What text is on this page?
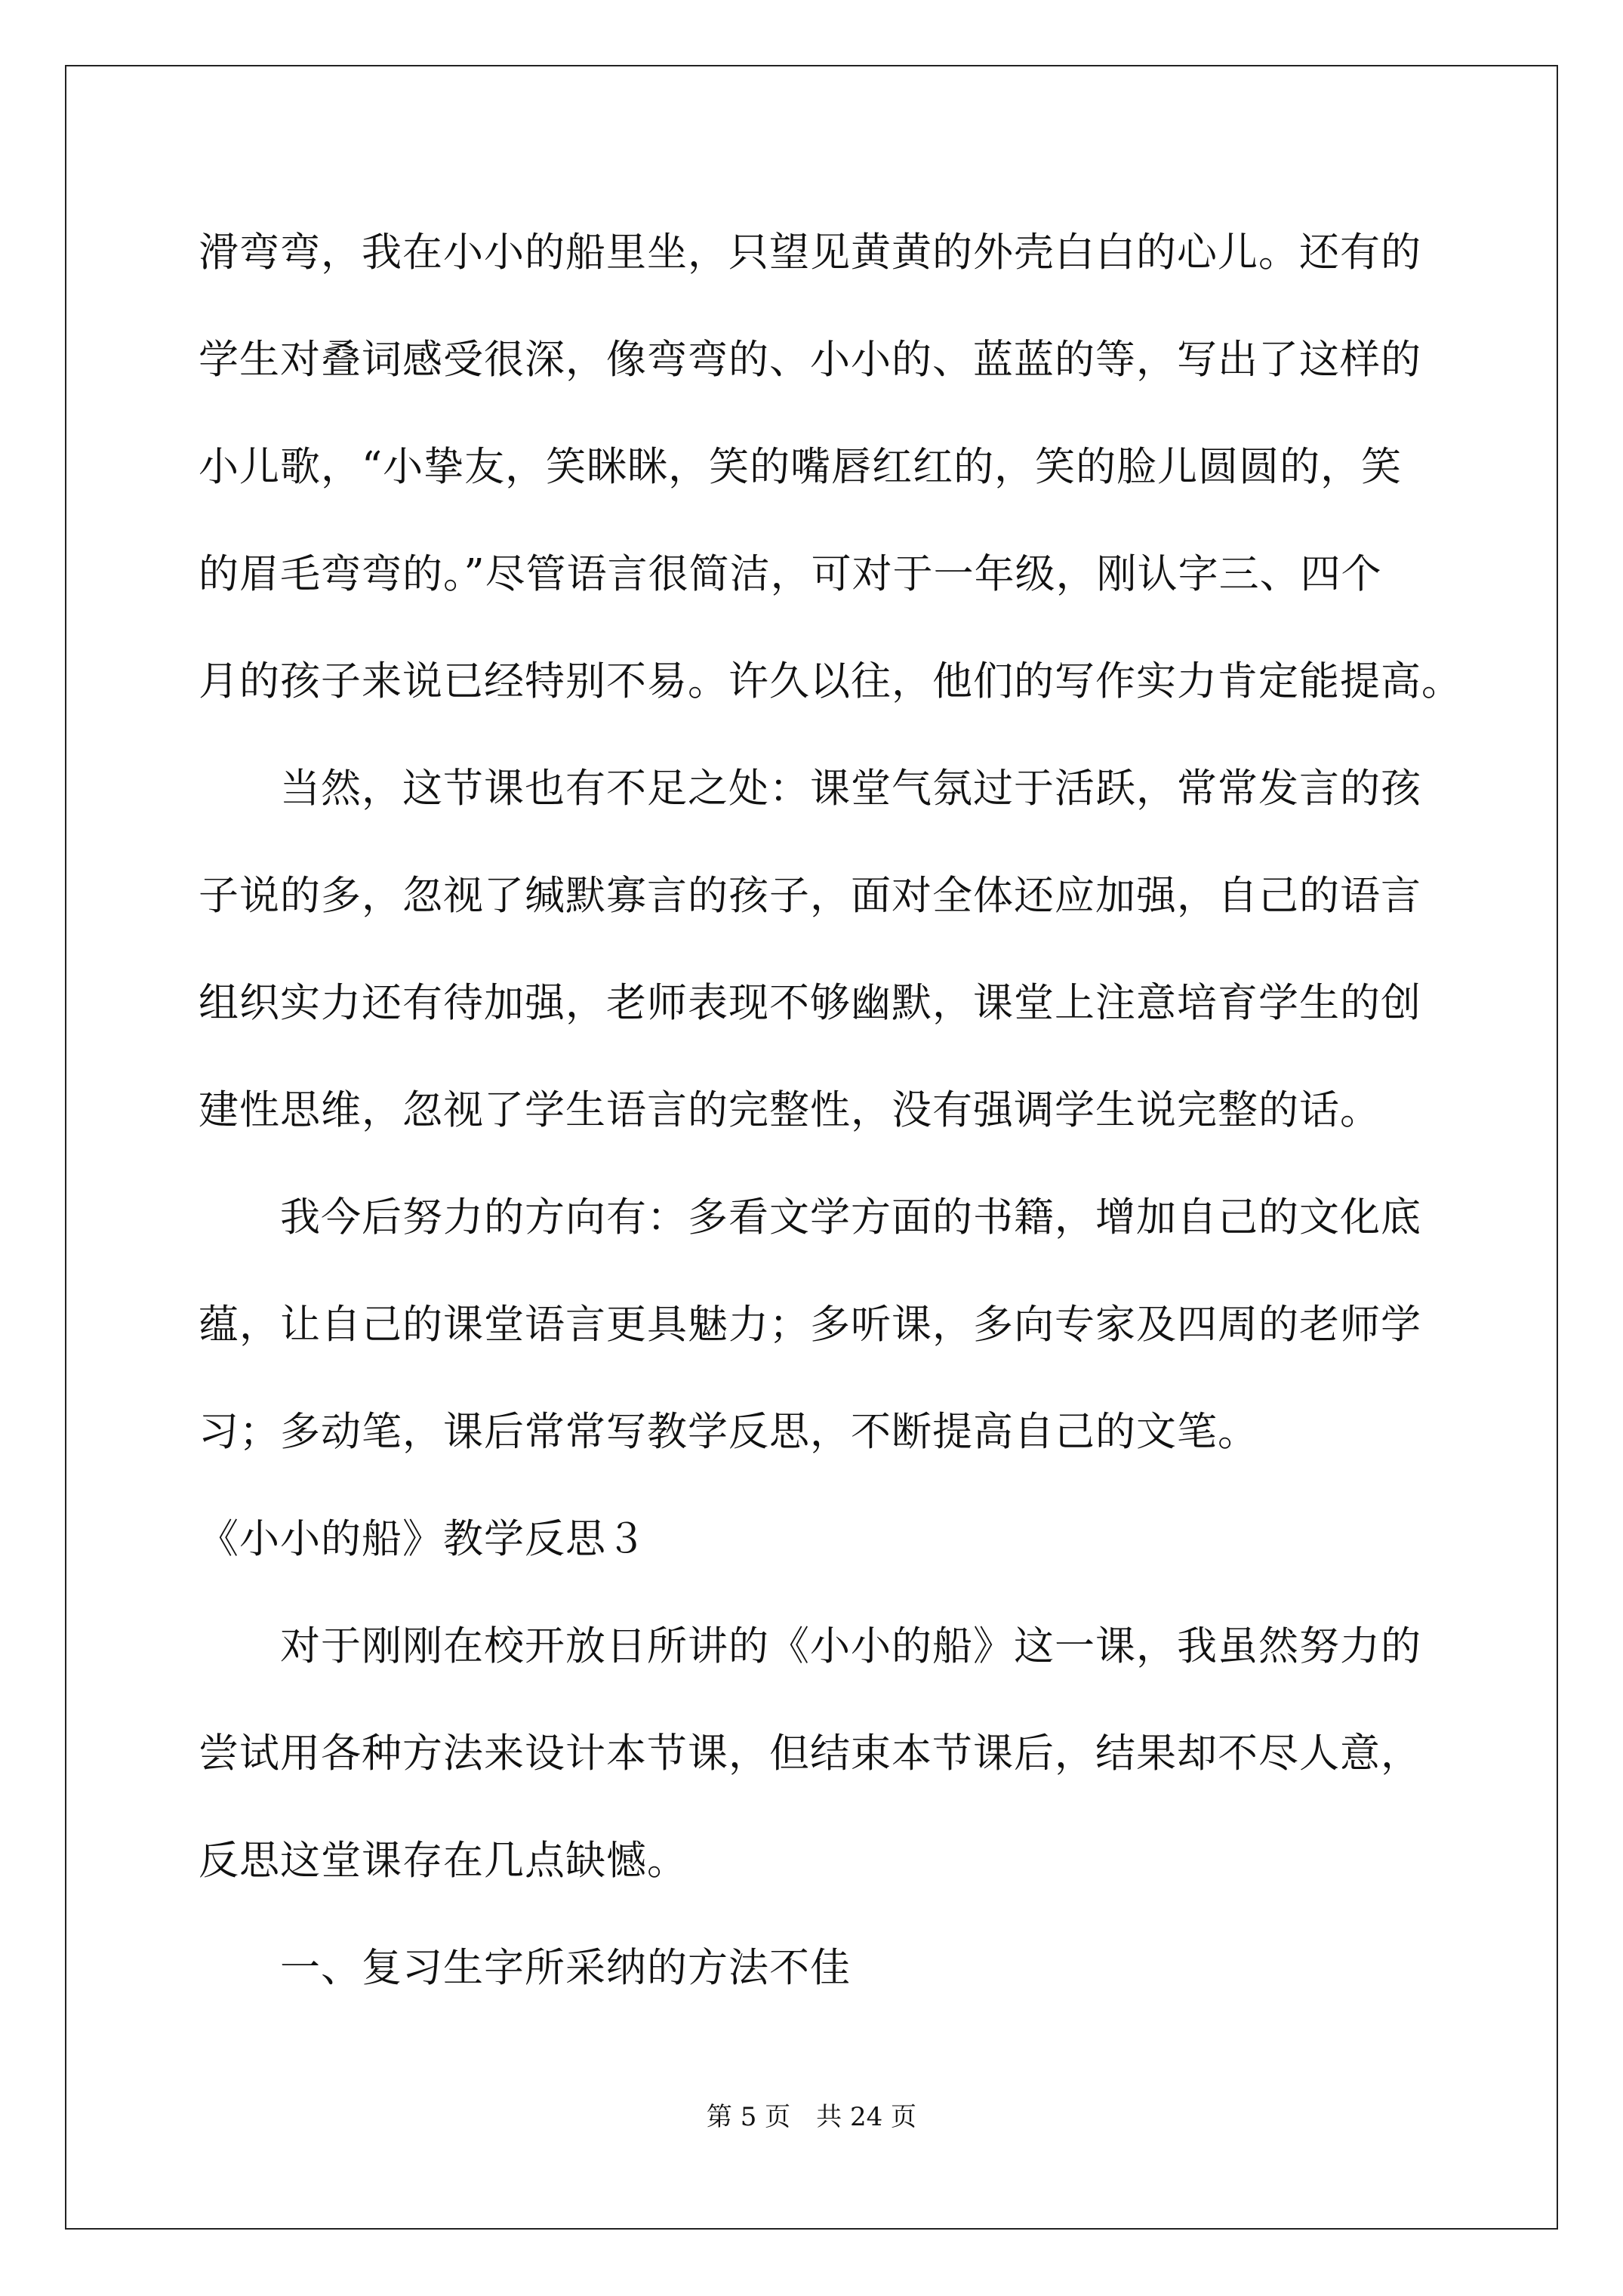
滑弯弯，我在小小的船里坐，只望见黄黄的外壳白白的心儿。还有的
学生对叠词感受很深，像弯弯的、小小的、蓝蓝的等，写出了这样的
小儿歌，“小挚友，笑眯眯，笑的嘴唇红红的，笑的脸儿圆圆的，笑
的眉毛弯弯的。”尽管语言很简洁，可对于一年级，刚认字三、四个
月的孩子来说已经特别不易。许久以往，他们的写作实力肯定能提高。
　　当然，这节课也有不足之处：课堂气氛过于活跃，常常发言的孩
子说的多，忽视了缄默寡言的孩子，面对全体还应加强，自己的语言
组织实力还有待加强，老师表现不够幽默，课堂上注意培育学生的创
建性思维，忽视了学生语言的完整性，没有强调学生说完整的话。
　　我今后努力的方向有：多看文学方面的书籍，增加自己的文化底
蕴，让自己的课堂语言更具魅力；多听课，多向专家及四周的老师学
习；多动笔，课后常常写教学反思，不断提高自己的文笔。
《小小的船》教学反思３
　　对于刚刚在校开放日所讲的《小小的船》这一课，我虽然努力的
尝试用各种方法来设计本节课，但结束本节课后，结果却不尽人意，
反思这堂课存在几点缺憾。
　　一、复习生字所采纳的方法不佳
第 5 页　共 24 页
